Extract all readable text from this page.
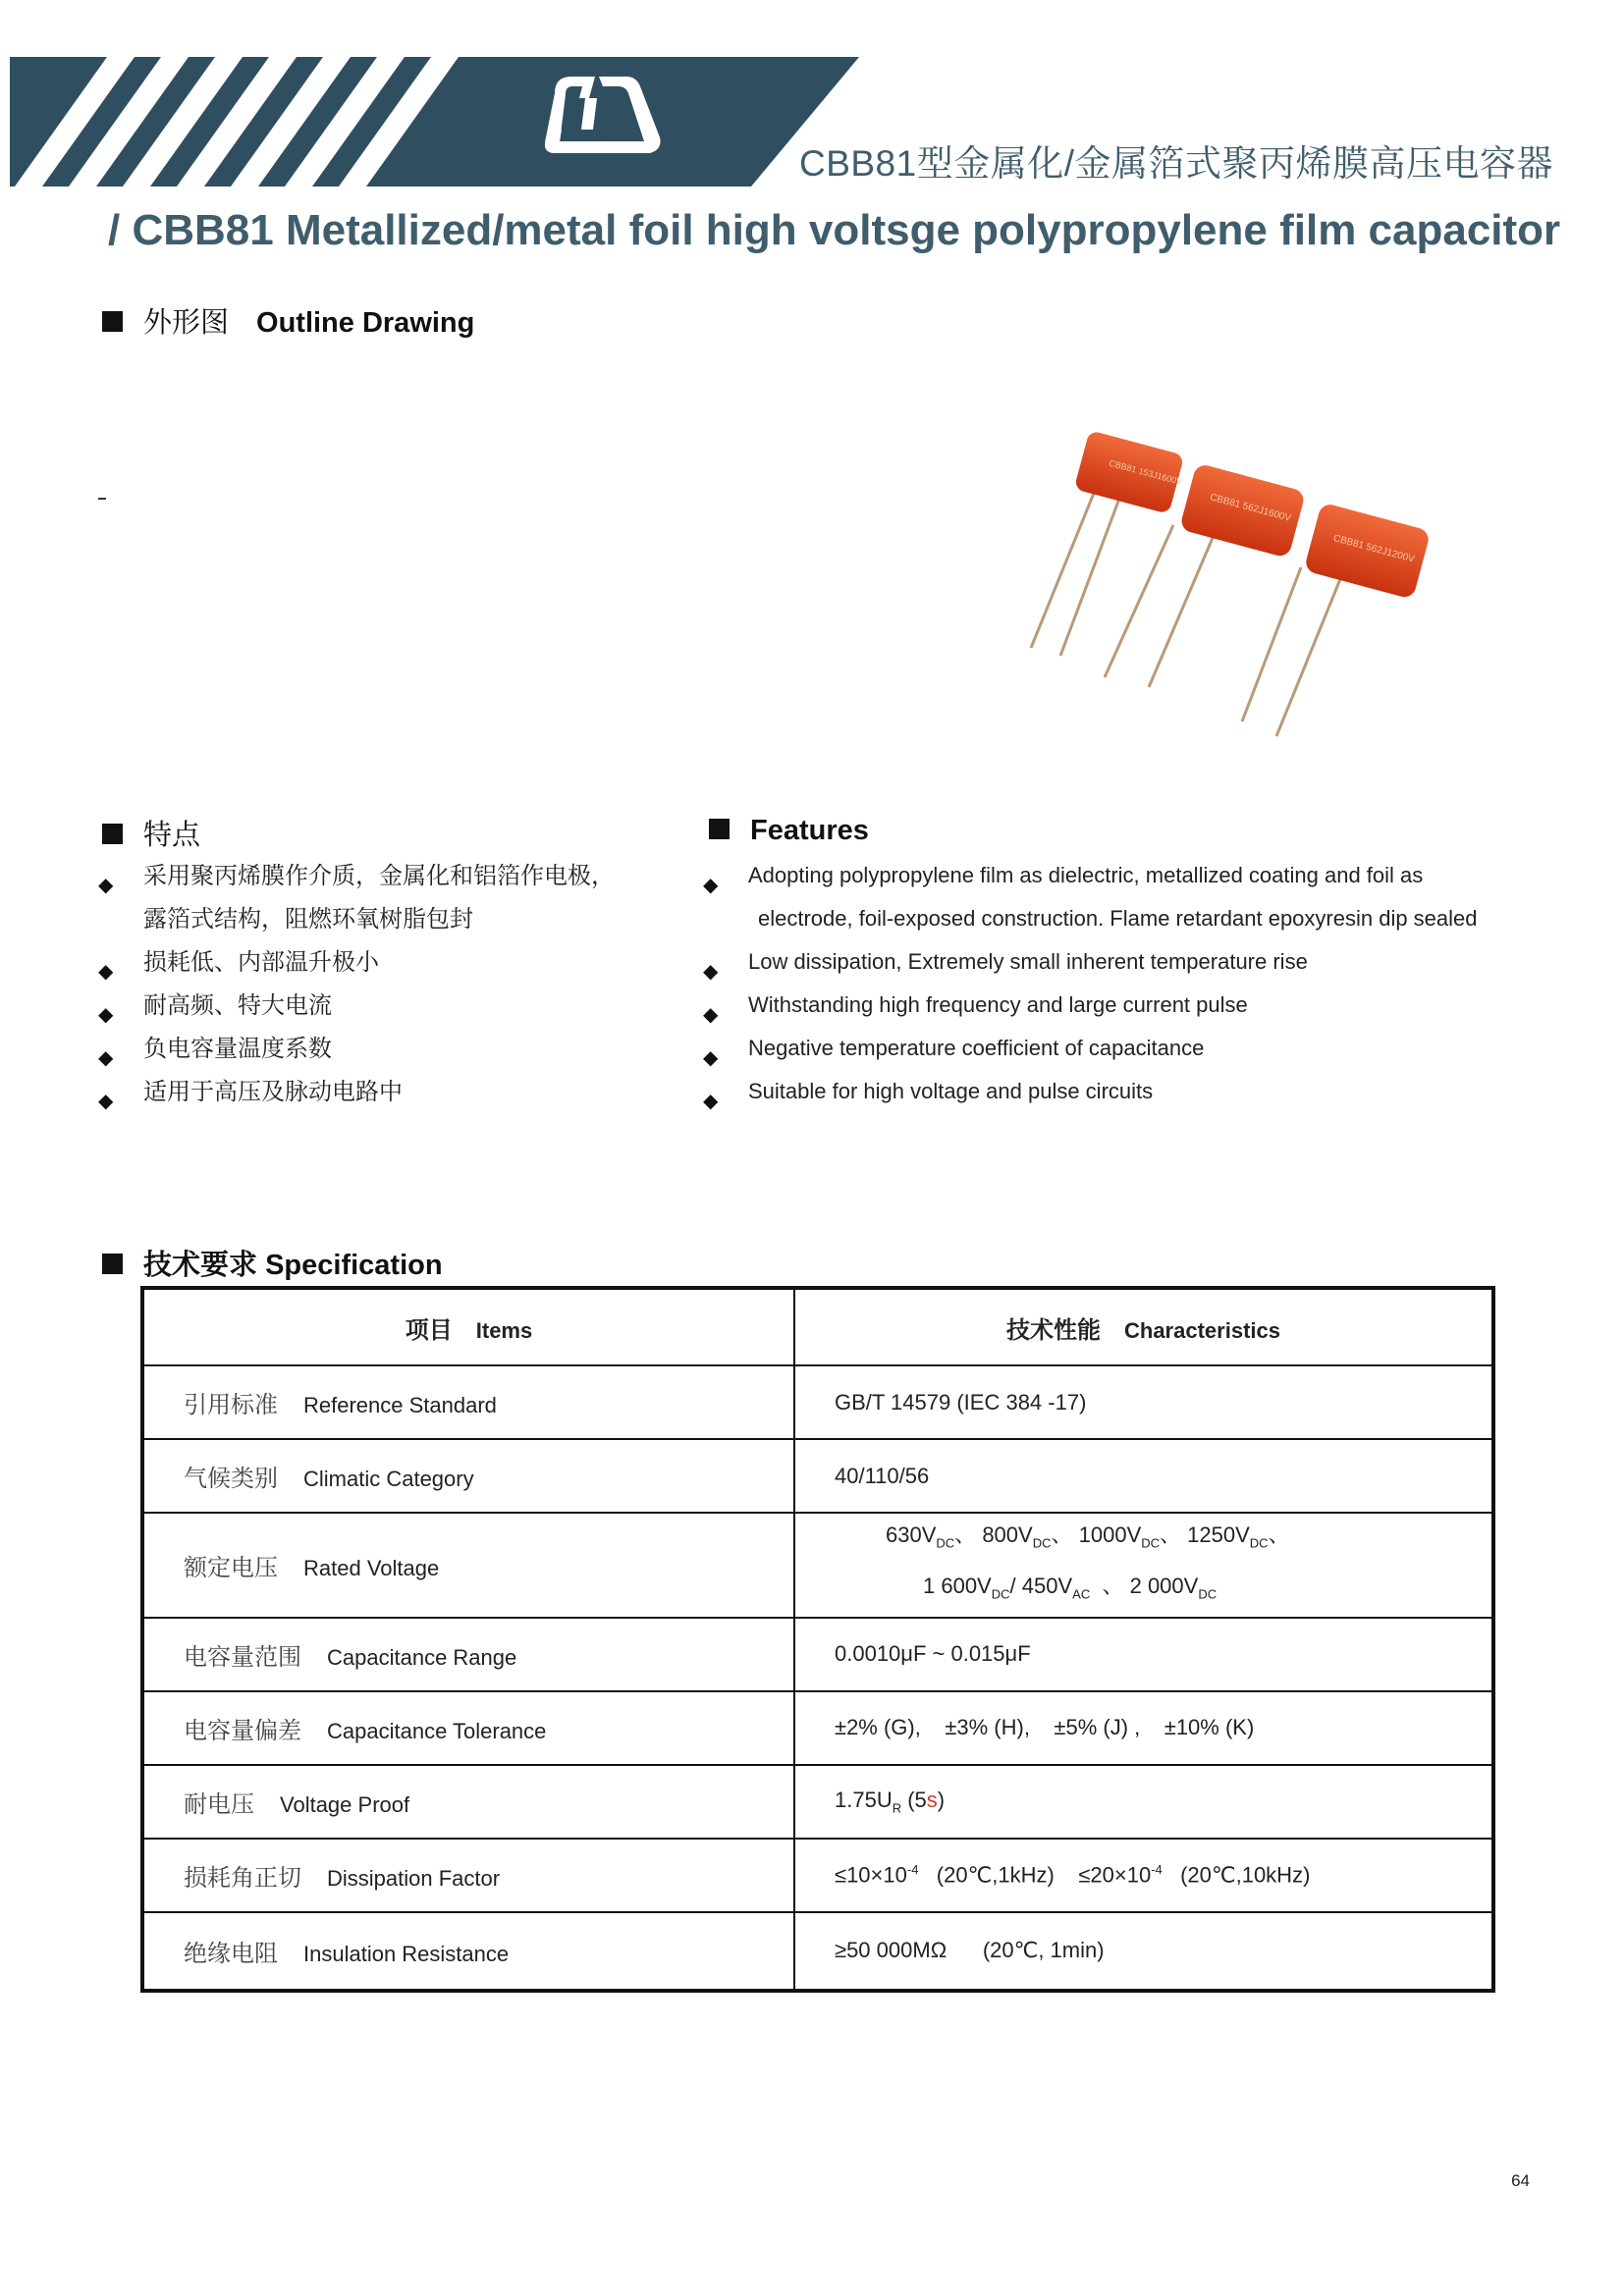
CBB81型金属化/金属箔式聚丙烯膜高压电容器
/ CBB81 Metallized/metal foil high voltsge polypropylene film capacitor
外形图 Outline Drawing
CBB81 153J1600V
CBB81 562J1600V
CBB81 562J1200V
特点
◆	采用聚丙烯膜作介质，金属化和铝箔作电极，
露箔式结构，阻燃环氧树脂包封
◆	损耗低、内部温升极小
◆	耐高频、特大电流
◆	负电容量温度系数
◆	适用于高压及脉动电路中
Features
◆	Adopting polypropylene film as dielectric, metallized coating and foil as
electrode, foil-exposed construction. Flame retardant epoxyresin dip sealed
◆	Low dissipation, Extremely small inherent temperature rise
◆	Withstanding high frequency and large current pulse
◆	Negative temperature coefficient of capacitance
◆	Suitable for high voltage and pulse circuits
技术要求 Specification
项目 Items	技术性能 Characteristics
引用标准 Reference Standard	GB/T 14579 (IEC 384 -17)
气候类别 Climatic Category	40/110/56
额定电压 Rated Voltage	$630V_{DC}$、 $800V_{DC}$、 $1000V_{DC}$、 $1250V_{DC}$、
1 $600V_{DC}/$ $450V_{AC}$ 、 2 $000V_{DC}$

电容量范围 Capacitance Range	0.0010μF ~ 0.015μF
电容量偏差 Capacitance Tolerance	±2% (G), ±3% (H), ±5% (J) , ±10% (K)
耐电压 Voltage Proof	$1.75U_R$ (5s)
损耗角正切 Dissipation Factor	$\le 10\times 10^{-4}$ (20℃,1kHz) $\le 20\times 10^{-4}$ (20℃,10kHz)
绝缘电阻 Insulation Resistance	≥50 000MΩ (20℃, 1min)
64
